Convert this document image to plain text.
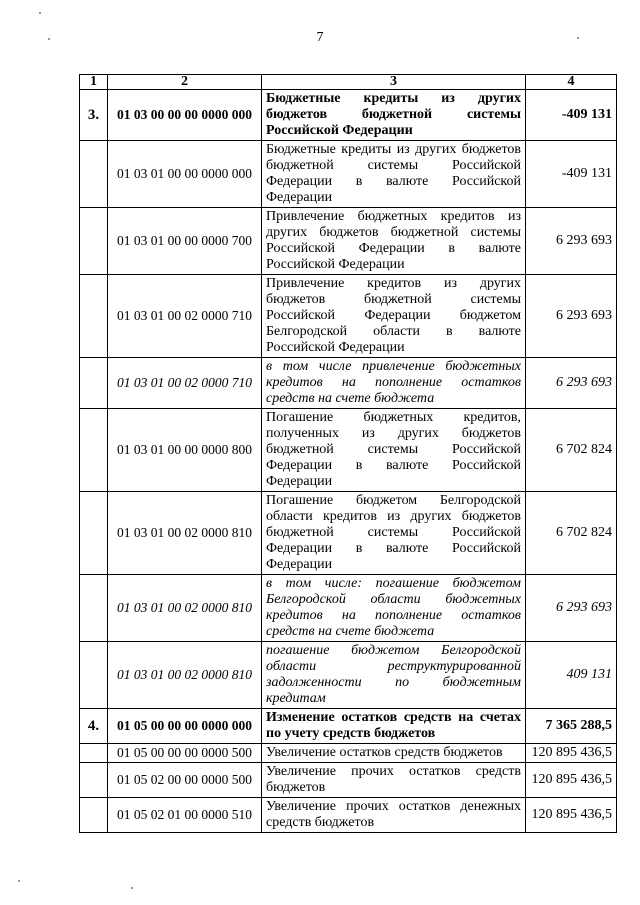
7
1	2	3	4
3.	01 03 00 00 00 0000 000	Бюджетные кредиты из других бюджетов бюджетной системы Российской Федерации	-409 131
	01 03 01 00 00 0000 000	Бюджетные кредиты из других бюджетов бюджетной системы Российской Федерации в валюте Российской Федерации	-409 131
	01 03 01 00 00 0000 700	Привлечение бюджетных кредитов из других бюджетов бюджетной системы Российской Федерации в валюте Российской Федерации	6 293 693
	01 03 01 00 02 0000 710	Привлечение кредитов из других бюджетов бюджетной системы Российской Федерации бюджетом Белгородской области в валюте Российской Федерации	6 293 693
	01 03 01 00 02 0000 710	в том числе привлечение бюджетных кредитов на пополнение остатков средств на счете бюджета	6 293 693
	01 03 01 00 00 0000 800	Погашение бюджетных кредитов, полученных из других бюджетов бюджетной системы Российской Федерации в валюте Российской Федерации	6 702 824
	01 03 01 00 02 0000 810	Погашение бюджетом Белгородской области кредитов из других бюджетов бюджетной системы Российской Федерации в валюте Российской Федерации	6 702 824
	01 03 01 00 02 0000 810	в том числе: погашение бюджетом Белгородской области бюджетных кредитов на пополнение остатков средств на счете бюджета	6 293 693
	01 03 01 00 02 0000 810	погашение бюджетом Белгородской области реструктурированной задолженности по бюджетным кредитам	409 131
4.	01 05 00 00 00 0000 000	Изменение остатков средств на счетах по учету средств бюджетов	7 365 288,5
	01 05 00 00 00 0000 500	Увеличение остатков средств бюджетов	120 895 436,5
	01 05 02 00 00 0000 500	Увеличение прочих остатков средств бюджетов	120 895 436,5
	01 05 02 01 00 0000 510	Увеличение прочих остатков денежных средств бюджетов	120 895 436,5
